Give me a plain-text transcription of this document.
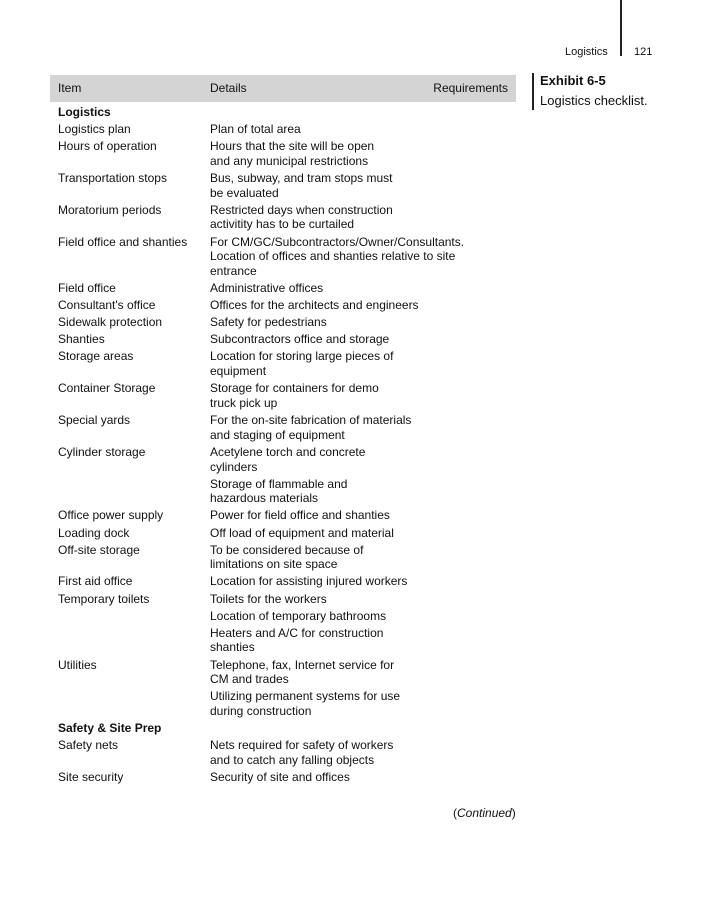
Logistics 121
Exhibit 6-5
Logistics checklist.
Item	Details	Requirements
Logistics
Logistics plan	Plan of total area
Hours of operation	Hours that the site will be open
and any municipal restrictions
Transportation stops	Bus, subway, and tram stops must
be evaluated
Moratorium periods	Restricted days when construction
activitity has to be curtailed
Field office and shanties	For CM/GC/Subcontractors/Owner/Consultants.
Location of offices and shanties relative to site
entrance
Field office	Administrative offices
Consultant's office	Offices for the architects and engineers
Sidewalk protection	Safety for pedestrians
Shanties	Subcontractors office and storage
Storage areas	Location for storing large pieces of
equipment
Container Storage	Storage for containers for demo
truck pick up
Special yards	For the on-site fabrication of materials
and staging of equipment
Cylinder storage	Acetylene torch and concrete
cylinders
Storage of flammable and
hazardous materials
Office power supply	Power for field office and shanties
Loading dock	Off load of equipment and material
Off-site storage	To be considered because of
limitations on site space
First aid office	Location for assisting injured workers
Temporary toilets	Toilets for the workers
Location of temporary bathrooms
Heaters and A/C for construction
shanties
Utilities	Telephone, fax, Internet service for
CM and trades
Utilizing permanent systems for use
during construction
Safety & Site Prep
Safety nets	Nets required for safety of workers
and to catch any falling objects
Site security	Security of site and offices
(Continued)
